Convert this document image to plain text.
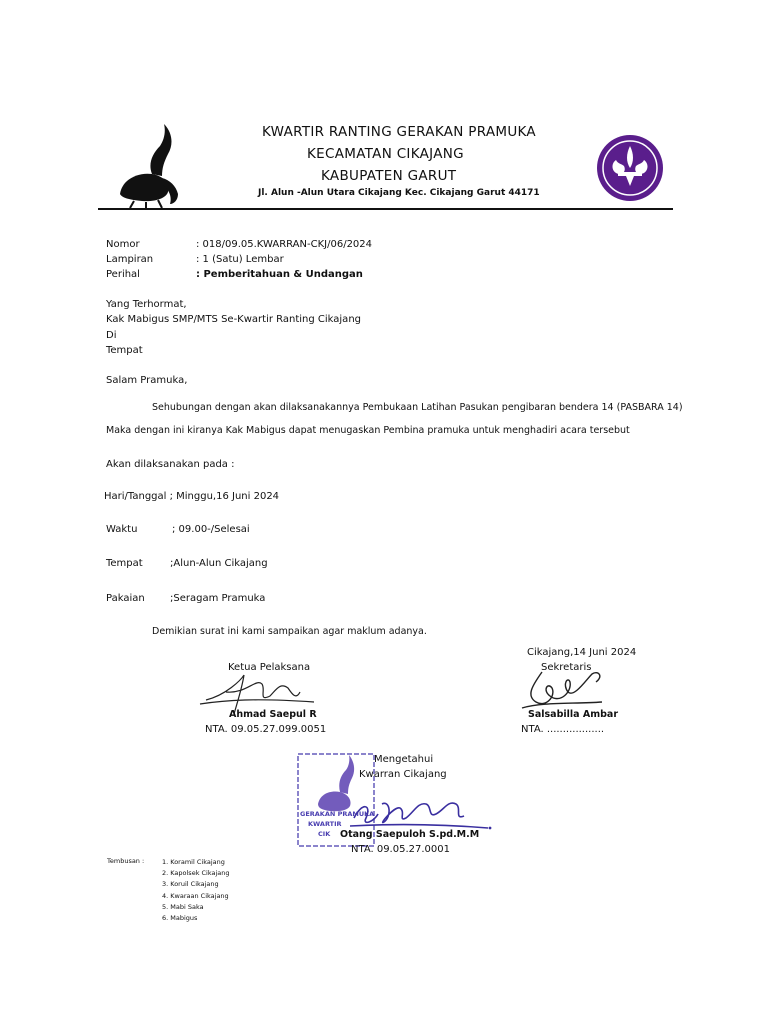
KWARTIR RANTING GERAKAN PRAMUKA
KECAMATAN CIKAJANG
KABUPATEN GARUT
Jl. Alun -Alun Utara Cikajang Kec. Cikajang Garut 44171
Nomor	: 018/09.05.KWARRAN-CKJ/06/2024
Lampiran	: 1 (Satu) Lembar
Perihal	: Pemberitahuan & Undangan
Yang Terhormat,
Kak Mabigus SMP/MTS Se-Kwartir Ranting Cikajang
Di
Tempat
Salam Pramuka,
Sehubungan dengan akan dilaksanakannya Pembukaan Latihan Pasukan pengibaran bendera 14 (PASBARA 14)
Maka dengan ini kiranya Kak Mabigus dapat menugaskan Pembina pramuka untuk menghadiri acara tersebut
Akan dilaksanakan pada :
Hari/Tanggal ; Minggu,16 Juni 2024
Waktu	; 09.00-/Selesai
Tempat	;Alun-Alun Cikajang
Pakaian	;Seragam Pramuka
Demikian surat ini kami sampaikan agar maklum adanya.
Cikajang,14 Juni 2024
Ketua Pelaksana	Sekretaris
Ahmad Saepul R
NTA. 09.05.27.099.0051
Salsabilla Ambar
NTA. ..................
GERAKAN PRAMUKA
KWARTIR
CIK
Mengetahui
Kwarran Cikajang
Otang Saepuloh S.pd.M.M
NTA. 09.05.27.0001
Tembusan :	1. Koramil Cikajang
2. Kapolsek Cikajang
3. Koruil Cikajang
4. Kwaraan Cikajang
5. Mabi Saka
6. Mabigus
